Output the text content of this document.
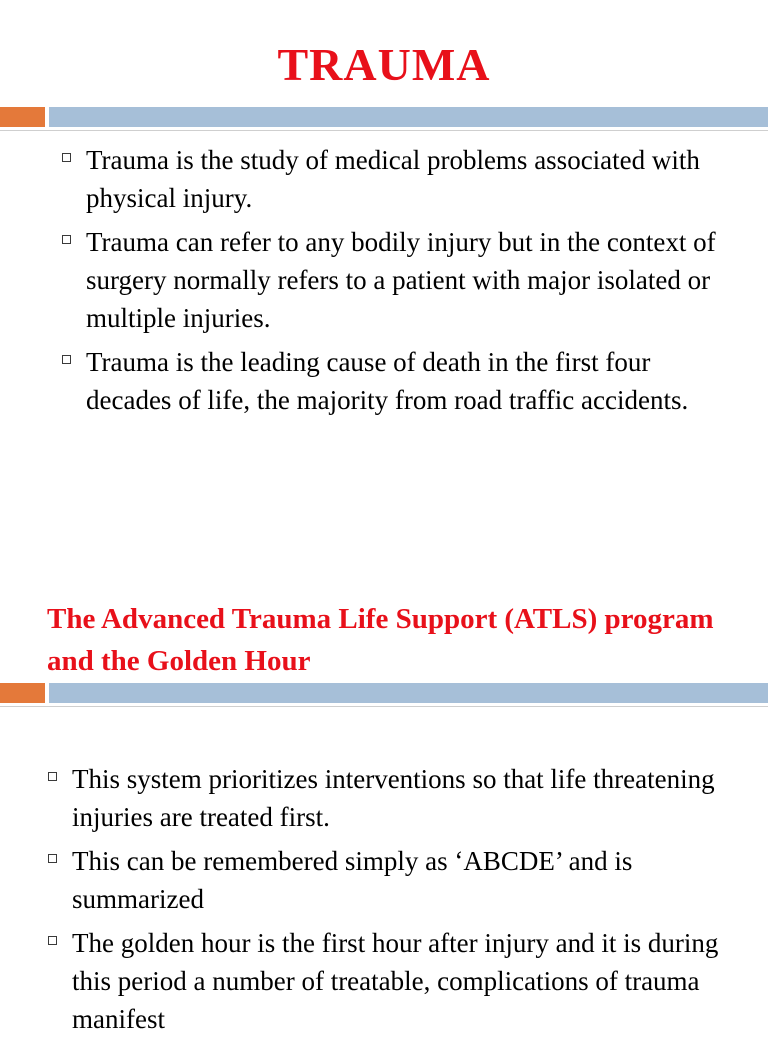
TRAUMA
Trauma is the study of medical problems associated with physical injury.
Trauma can refer to any bodily injury but in the context of surgery normally refers to a patient with major isolated or multiple injuries.
Trauma is the leading cause of death in the first four decades of life, the majority from road traffic accidents.
The Advanced Trauma Life Support (ATLS) program and the Golden Hour
This system prioritizes interventions so that life threatening injuries are treated first.
This can be remembered simply as ‘ABCDE’ and is summarized
The golden hour is the first hour after injury and it is during this period a number of treatable, complications of trauma manifest
